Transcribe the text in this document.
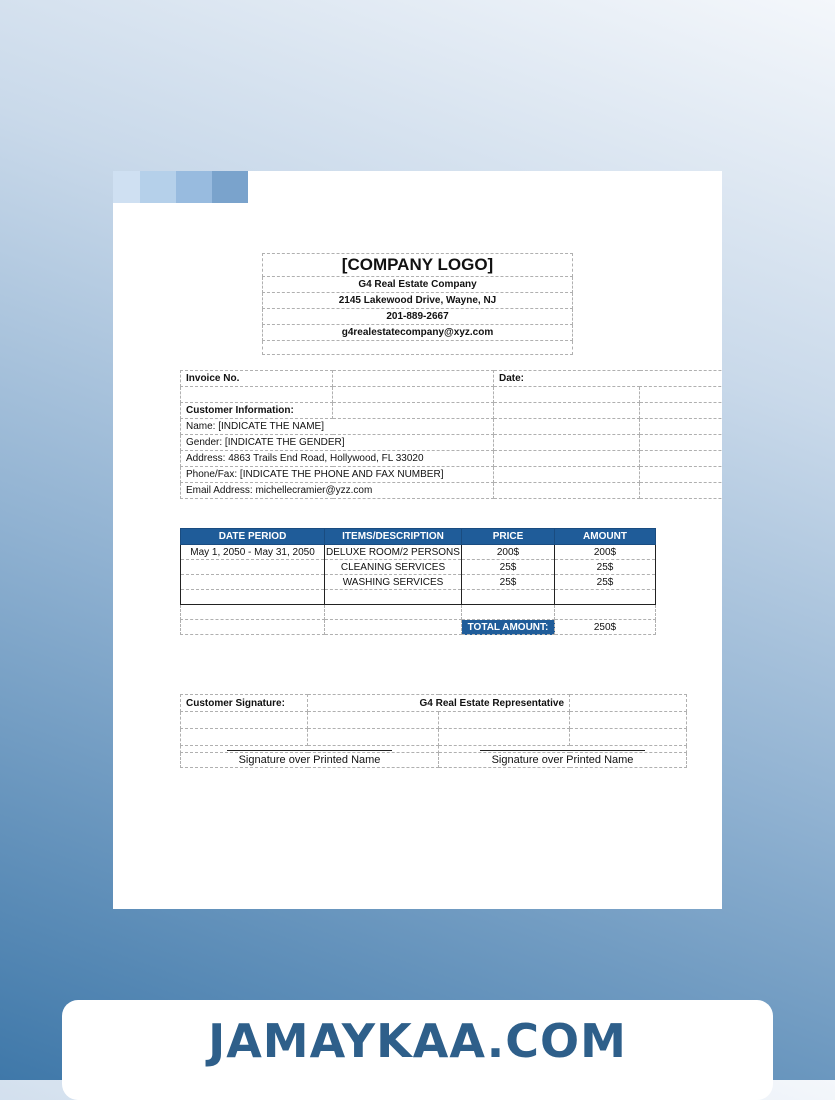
[COMPANY LOGO]
G4 Real Estate Company
2145 Lakewood Drive, Wayne, NJ
201-889-2667
g4realestatecompany@xyz.com

Invoice No.		Date:	

Customer Information:			
Name: [INDICATE THE NAME]			
Gender: [INDICATE THE GENDER]			
Address: 4863 Trails End Road, Hollywood, FL 33020			
Phone/Fax: [INDICATE THE PHONE AND FAX NUMBER]			
Email Address: michellecramier@yzz.com			
DATE PERIOD	ITEMS/DESCRIPTION	PRICE	AMOUNT
May 1, 2050 - May 31, 2050	DELUXE ROOM/2 PERSONS	200$	200$
	CLEANING SERVICES	25$	25$
	WASHING SERVICES	25$	25$

		TOTAL AMOUNT:	250$
Customer Signature:	G4 Real Estate Representative		

Signature over Printed Name		Signature over Printed Name	
JAMAYKAA.COM
